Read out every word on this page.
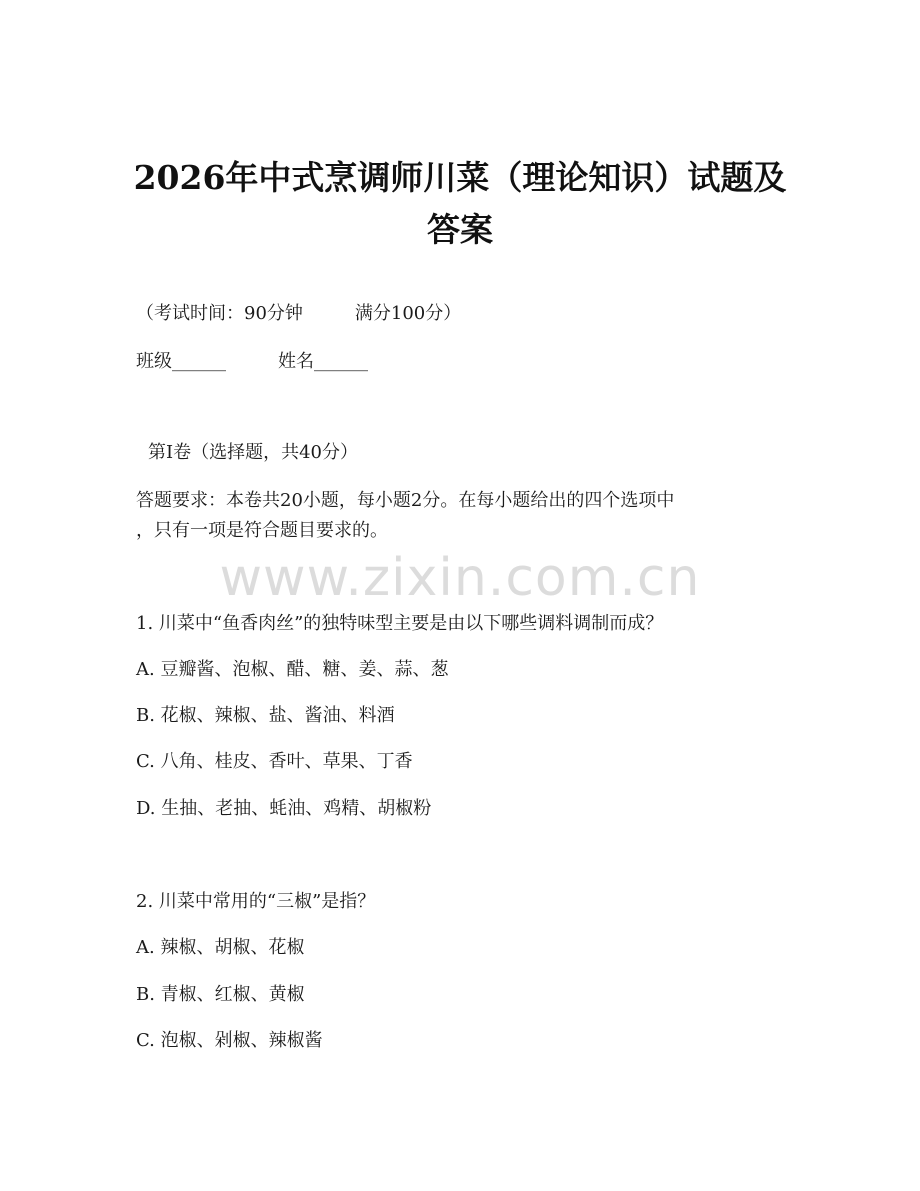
2026年中式烹调师川菜（理论知识）试题及
答案
（考试时间：90分钟	满分100分）
班级______	姓名______
第Ⅰ卷（选择题，共40分）
答题要求：本卷共20小题，每小题2分。在每小题给出的四个选项中
，只有一项是符合题目要求的。
www.zixin.com.cn
1. 川菜中“鱼香肉丝”的独特味型主要是由以下哪些调料调制而成？
A. 豆瓣酱、泡椒、醋、糖、姜、蒜、葱
B. 花椒、辣椒、盐、酱油、料酒
C. 八角、桂皮、香叶、草果、丁香
D. 生抽、老抽、蚝油、鸡精、胡椒粉
2. 川菜中常用的“三椒”是指？
A. 辣椒、胡椒、花椒
B. 青椒、红椒、黄椒
C. 泡椒、剁椒、辣椒酱
